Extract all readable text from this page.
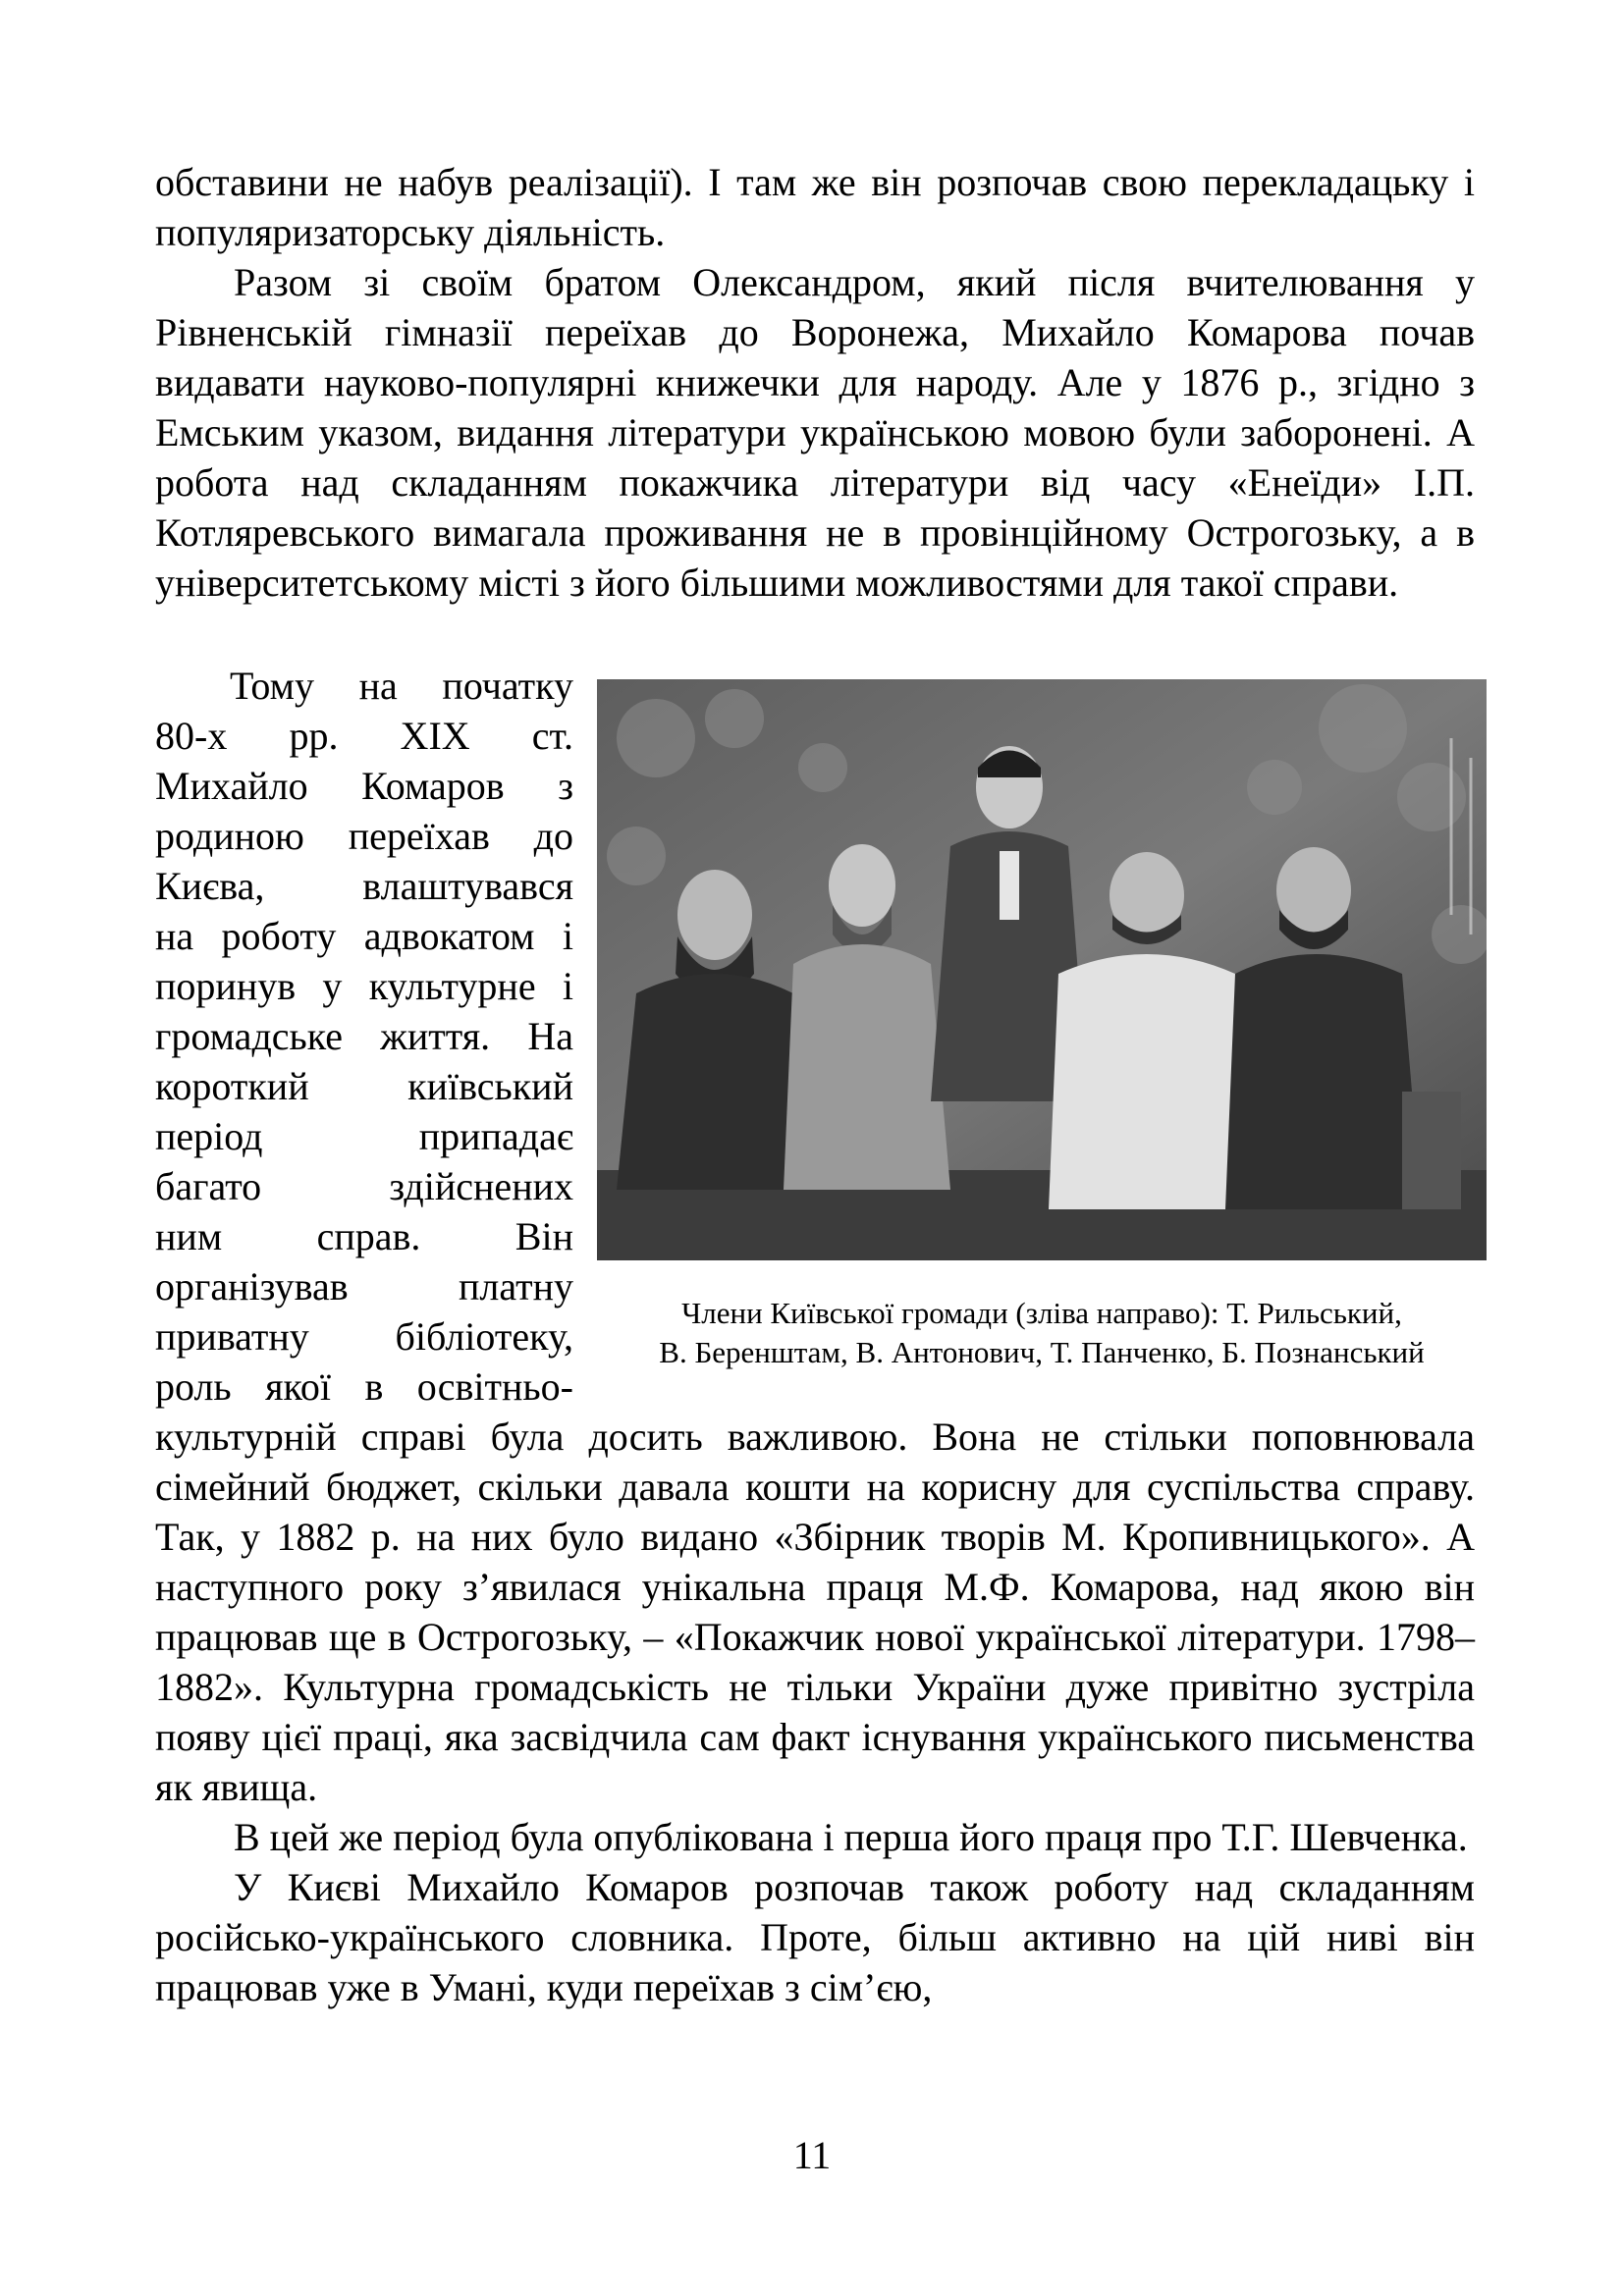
обставини не набув реалізації). І там же він розпочав свою перекладацьку і популяризаторську діяльність.

Разом зі своїм братом Олександром, який після вчителювання у Рівненській гімназії переїхав до Воронежа, Михайло Комарова почав видавати науково-популярні книжечки для народу. Але у 1876 р., згідно з Емським указом, видання літератури українською мовою були заборонені. А робота над складанням покажчика літератури від часу «Енеїди» І.П. Котляревського вимагала проживання не в провінційному Острогозьку, а в університетському місті з його більшими можливостями для такої справи.

Тому на початку
80-х рр. XIX ст.
Михайло Комаров з
родиною переїхав до
Києва, влаштувався
на роботу адвокатом і
поринув у культурне і
громадське життя. На
короткий київський
період припадає
багато здійснених
ним справ. Він
організував платну
приватну бібліотеку,
роль якої в освітньо-
Члени Київської громади (зліва направо): Т. Рильський,
В. Беренштам, В. Антонович, Т. Панченко, Б. Познанський

культурній справі була досить важливою. Вона не стільки поповнювала сімейний бюджет, скільки давала кошти на корисну для суспільства справу. Так, у 1882 р. на них було видано «Збірник творів М. Кропивницького». А наступного року з’явилася унікальна праця М.Ф. Комарова, над якою він працював ще в Острогозьку, – «Покажчик нової української літератури. 1798–1882». Культурна громадськість не тільки України дуже привітно зустріла появу цієї праці, яка засвідчила сам факт існування українського письменства як явища.

В цей же період була опублікована і перша його праця про Т.Г. Шевченка.

У Києві Михайло Комаров розпочав також роботу над складанням російсько-українського словника. Проте, більш активно на цій ниві він працював уже в Умані, куди переїхав з сім’єю,

11
